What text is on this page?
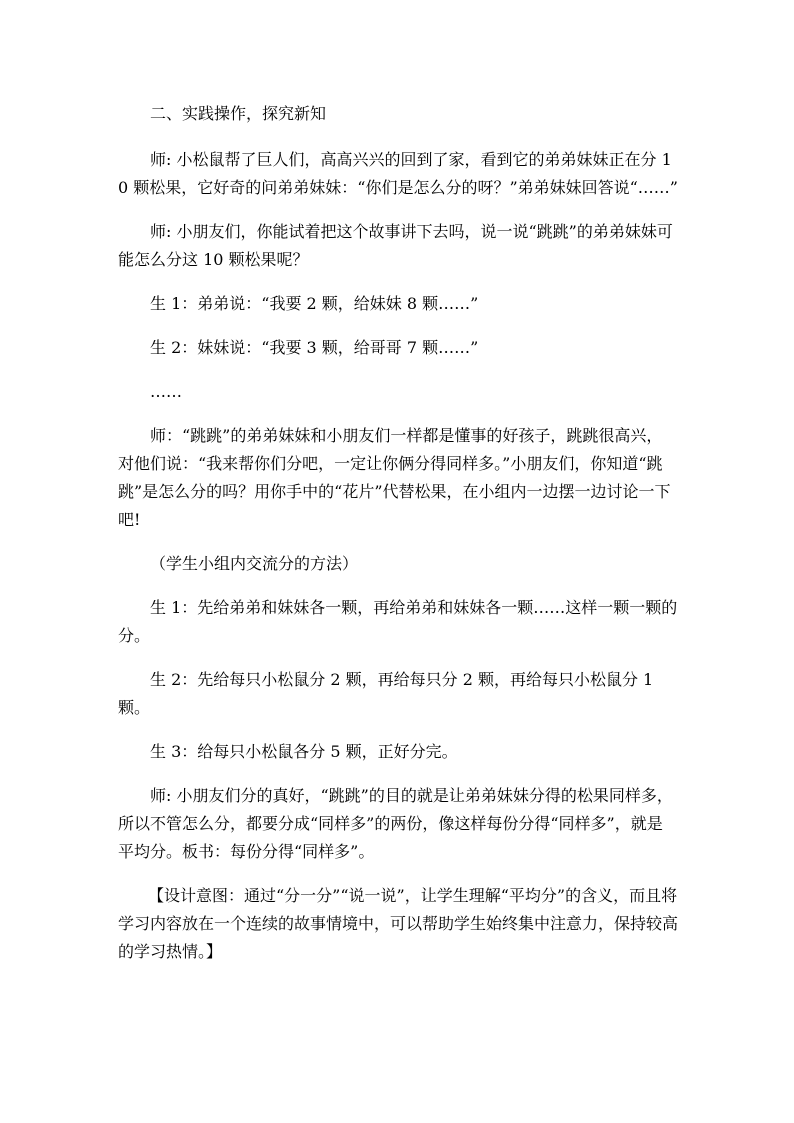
二、实践操作，探究新知

师: 小松鼠帮了巨人们，高高兴兴的回到了家，看到它的弟弟妹妹正在分 10 颗松果，它好奇的问弟弟妹妹：“你们是怎么分的呀？”弟弟妹妹回答说“……”

师: 小朋友们，你能试着把这个故事讲下去吗，说一说“跳跳”的弟弟妹妹可能怎么分这 10 颗松果呢？

生 1：弟弟说：“我要 2 颗，给妹妹 8 颗……”

生 2：妹妹说：“我要 3 颗，给哥哥 7 颗……”

……

师：“跳跳”的弟弟妹妹和小朋友们一样都是懂事的好孩子，跳跳很高兴，对他们说：“我来帮你们分吧，一定让你俩分得同样多。”小朋友们，你知道“跳跳”是怎么分的吗？用你手中的“花片”代替松果，在小组内一边摆一边讨论一下吧!

（学生小组内交流分的方法）

生 1：先给弟弟和妹妹各一颗，再给弟弟和妹妹各一颗……这样一颗一颗的分。

生 2：先给每只小松鼠分 2 颗，再给每只分 2 颗，再给每只小松鼠分 1 颗。

生 3：给每只小松鼠各分 5 颗，正好分完。

师: 小朋友们分的真好，“跳跳”的目的就是让弟弟妹妹分得的松果同样多，所以不管怎么分，都要分成“同样多”的两份，像这样每份分得“同样多”，就是平均分。板书：每份分得“同样多”。

【设计意图：通过“分一分”“说一说”，让学生理解“平均分”的含义，而且将学习内容放在一个连续的故事情境中，可以帮助学生始终集中注意力，保持较高的学习热情。】
